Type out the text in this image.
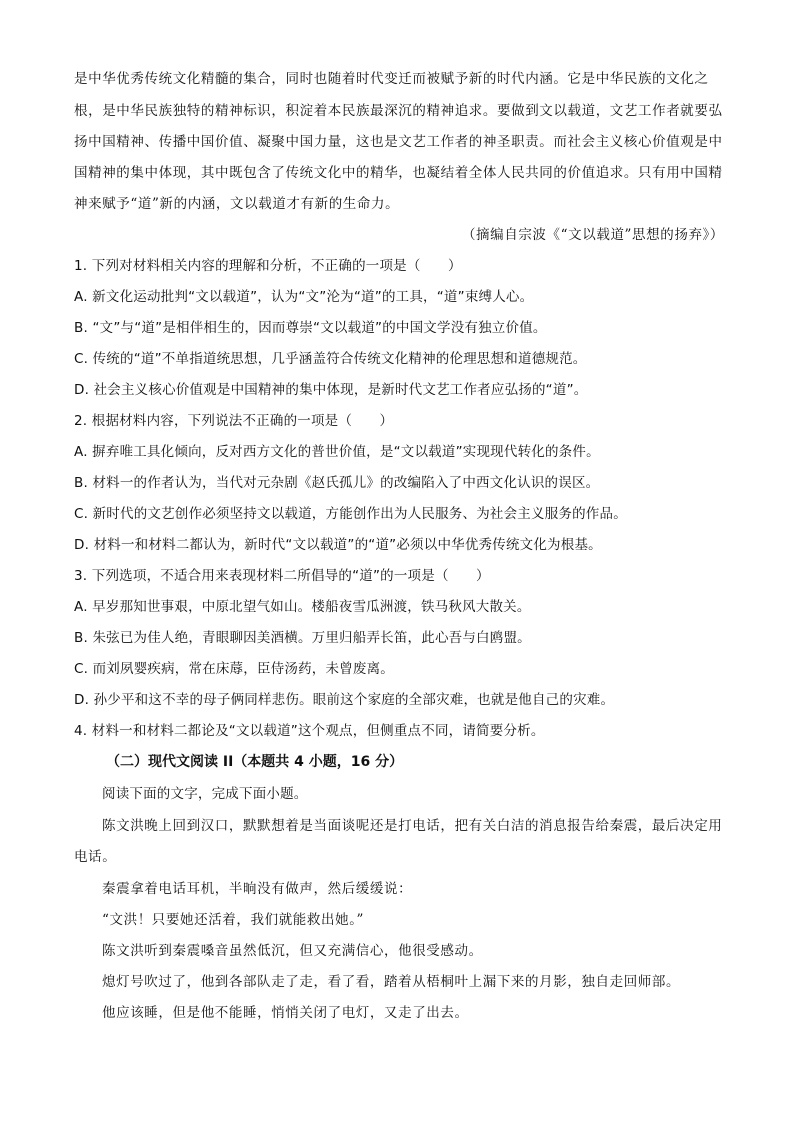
是中华优秀传统文化精髓的集合，同时也随着时代变迁而被赋予新的时代内涵。它是中华民族的文化之
根，是中华民族独特的精神标识，积淀着本民族最深沉的精神追求。要做到文以载道，文艺工作者就要弘
扬中国精神、传播中国价值、凝聚中国力量，这也是文艺工作者的神圣职责。而社会主义核心价值观是中
国精神的集中体现，其中既包含了传统文化中的精华，也凝结着全体人民共同的价值追求。只有用中国精
神来赋予“道”新的内涵，文以载道才有新的生命力。
（摘编自宗波《“文以载道”思想的扬弃》）
1. 下列对材料相关内容的理解和分析，不正确的一项是（　　）
A. 新文化运动批判“文以载道”，认为“文”沦为“道”的工具，“道”束缚人心。
B. “文”与“道”是相伴相生的，因而尊崇“文以载道”的中国文学没有独立价值。
C. 传统的“道”不单指道统思想，几乎涵盖符合传统文化精神的伦理思想和道德规范。
D. 社会主义核心价值观是中国精神的集中体现，是新时代文艺工作者应弘扬的“道”。
2. 根据材料内容，下列说法不正确的一项是（　　）
A. 摒弃唯工具化倾向，反对西方文化的普世价值，是“文以载道”实现现代转化的条件。
B. 材料一的作者认为，当代对元杂剧《赵氏孤儿》的改编陷入了中西文化认识的误区。
C. 新时代的文艺创作必须坚持文以载道，方能创作出为人民服务、为社会主义服务的作品。
D. 材料一和材料二都认为，新时代“文以载道”的“道”必须以中华优秀传统文化为根基。
3. 下列选项，不适合用来表现材料二所倡导的“道”的一项是（　　）
A. 早岁那知世事艰，中原北望气如山。楼船夜雪瓜洲渡，铁马秋风大散关。
B. 朱弦已为佳人绝，青眼聊因美酒横。万里归船弄长笛，此心吾与白鸥盟。
C. 而刘夙婴疾病，常在床蓐，臣侍汤药，未曾废离。
D. 孙少平和这不幸的母子俩同样悲伤。眼前这个家庭的全部灾难，也就是他自己的灾难。
4. 材料一和材料二都论及“文以载道”这个观点，但侧重点不同，请简要分析。
（二）现代文阅读 II（本题共 4 小题，16 分）
阅读下面的文字，完成下面小题。
陈文洪晚上回到汉口，默默想着是当面谈呢还是打电话，把有关白洁的消息报告给秦震，最后决定用
电话。
秦震拿着电话耳机，半晌没有做声，然后缓缓说：
“文洪！只要她还活着，我们就能救出她。”
陈文洪听到秦震嗓音虽然低沉，但又充满信心，他很受感动。
熄灯号吹过了，他到各部队走了走，看了看，踏着从梧桐叶上漏下来的月影，独自走回师部。
他应该睡，但是他不能睡，悄悄关闭了电灯，又走了出去。
